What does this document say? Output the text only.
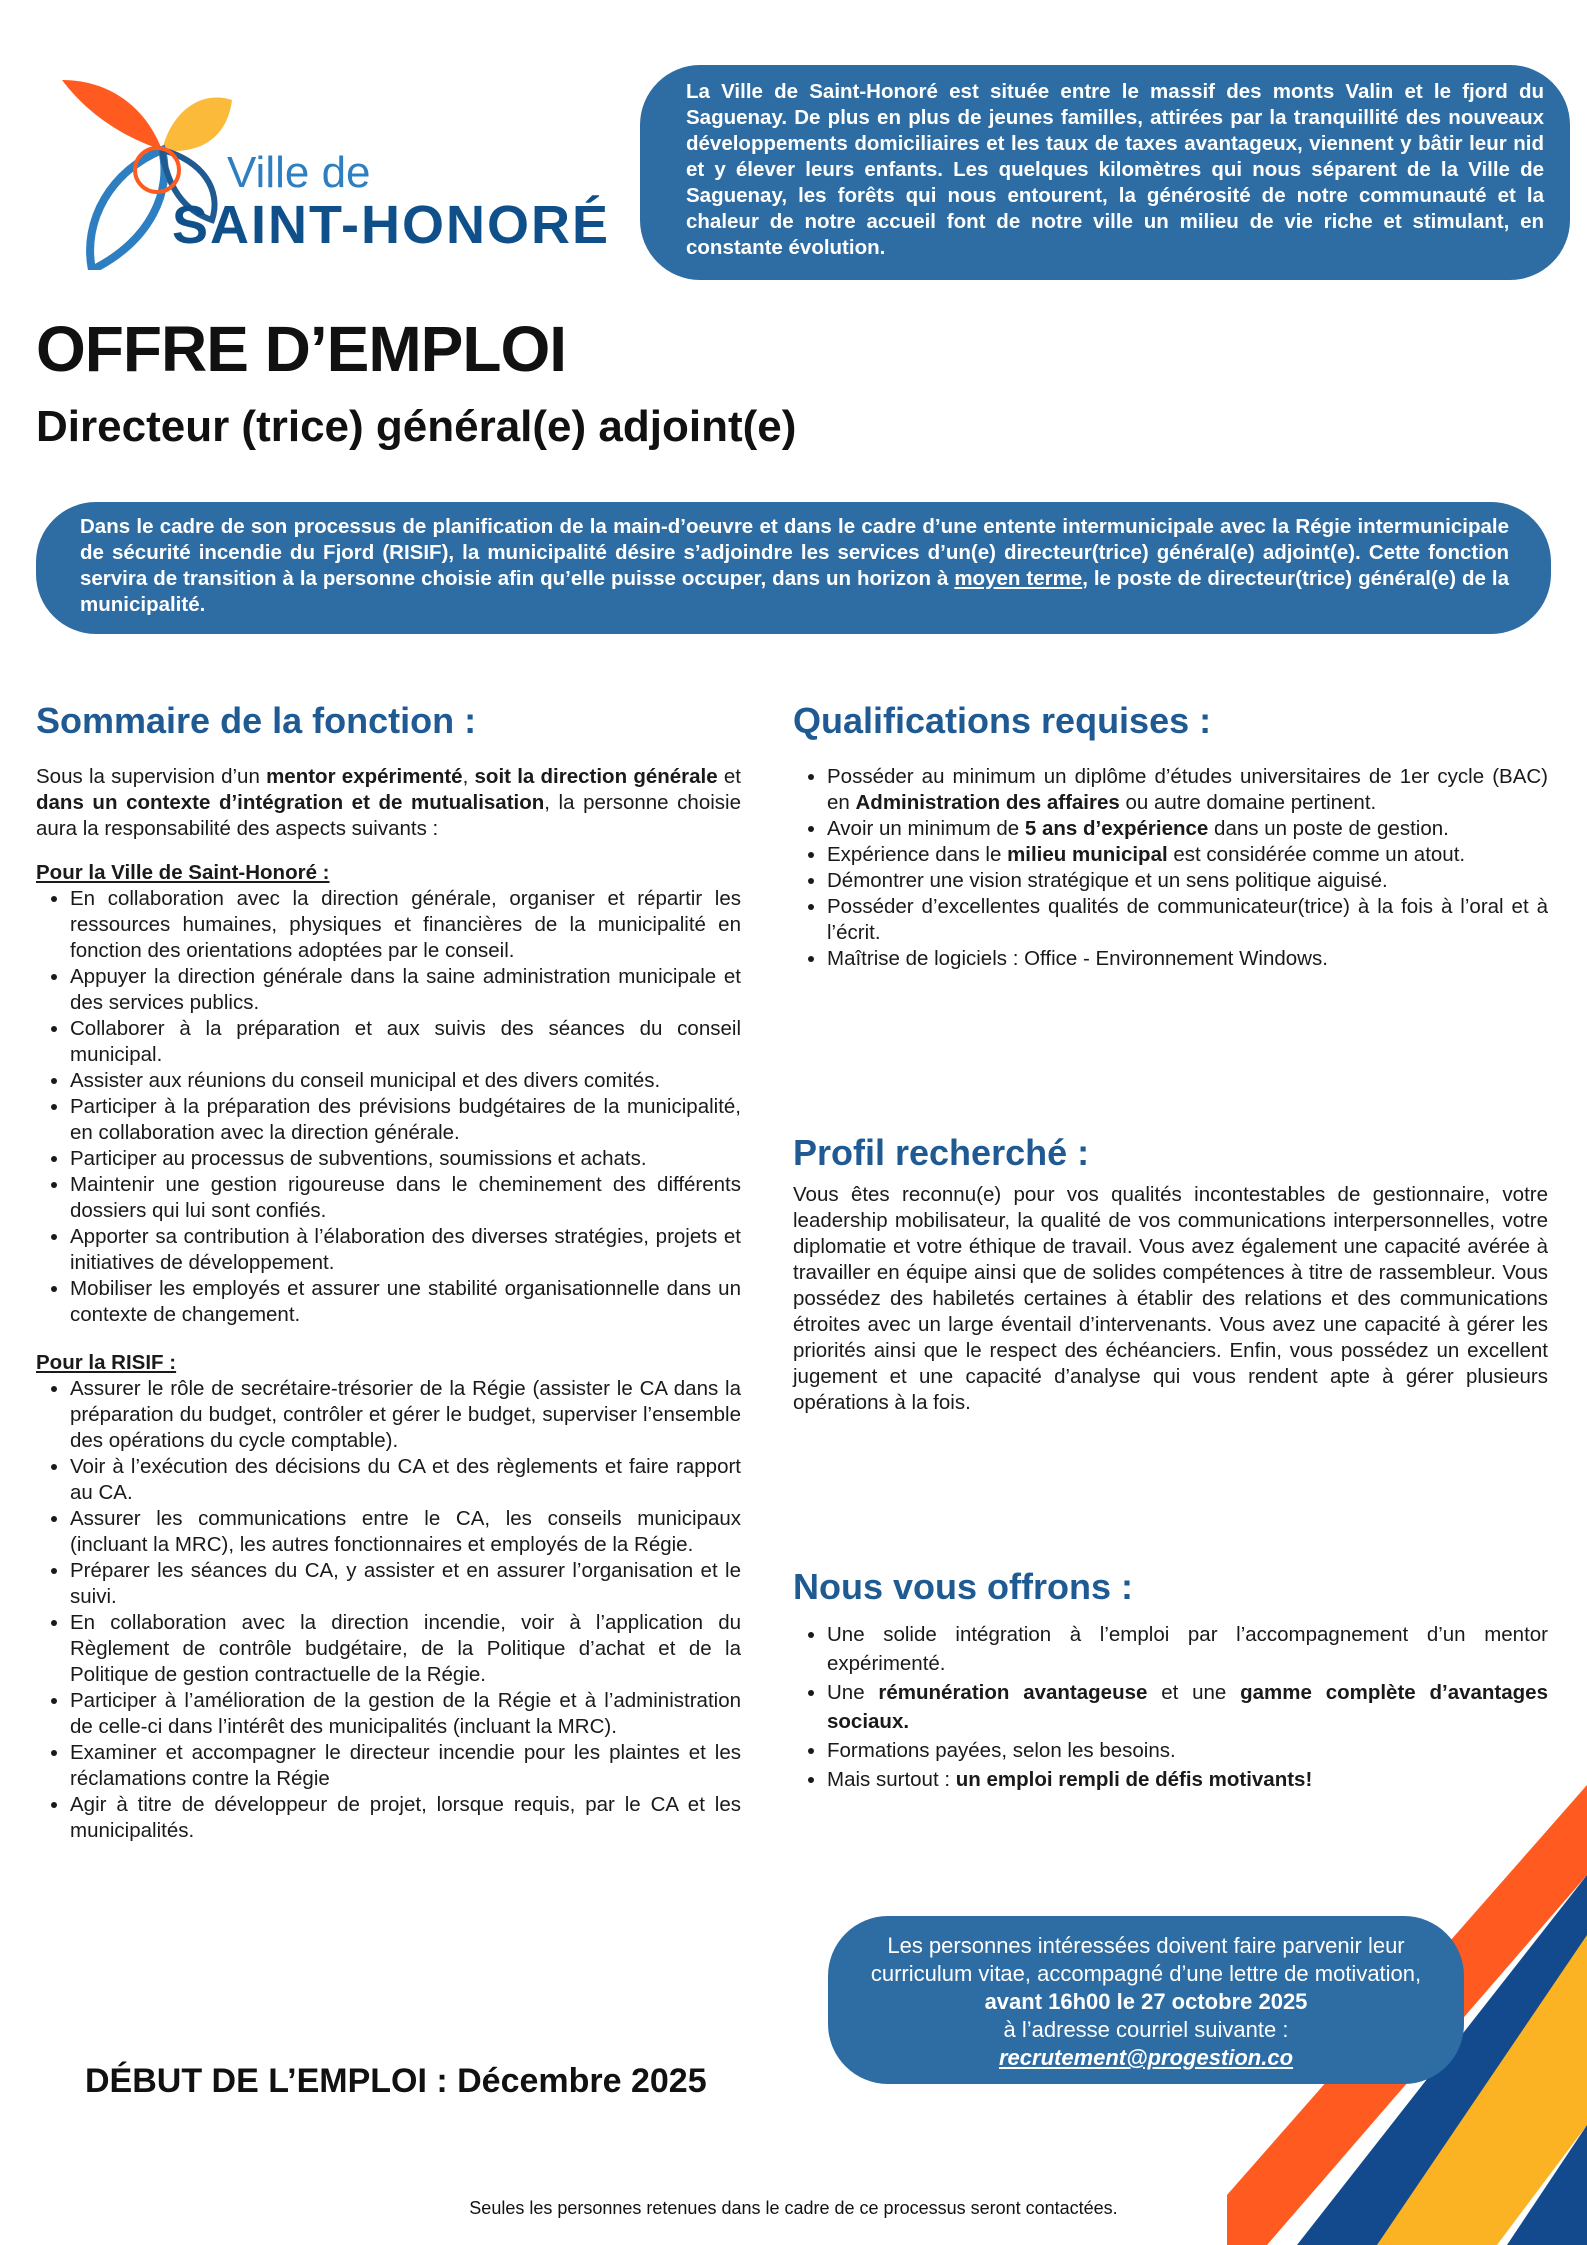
Ville de
SAINT-HONORÉ
La Ville de Saint-Honoré est située entre le massif des monts Valin et le fjord du Saguenay. De plus en plus de jeunes familles, attirées par la tranquillité des nouveaux développements domiciliaires et les taux de taxes avantageux, viennent y bâtir leur nid et y élever leurs enfants. Les quelques kilomètres qui nous séparent de la Ville de Saguenay, les forêts qui nous entourent, la générosité de notre communauté et la chaleur de notre accueil font de notre ville un milieu de vie riche et stimulant, en constante évolution.
OFFRE D’EMPLOI
Directeur (trice) général(e) adjoint(e)
Dans le cadre de son processus de planification de la main-d’oeuvre et dans le cadre d’une entente intermunicipale avec la Régie intermunicipale de sécurité incendie du Fjord (RISIF), la municipalité désire s’adjoindre les services d’un(e) directeur(trice) général(e) adjoint(e). Cette fonction servira de transition à la personne choisie afin qu’elle puisse occuper, dans un horizon à moyen terme, le poste de directeur(trice) général(e) de la municipalité.
Sommaire de la fonction :

Sous la supervision d’un mentor expérimenté, soit la direction générale et dans un contexte d’intégration et de mutualisation, la personne choisie aura la responsabilité des aspects suivants :

Pour la Ville de Saint-Honoré :

• En collaboration avec la direction générale, organiser et répartir les ressources humaines, physiques et financières de la municipalité en fonction des orientations adoptées par le conseil.
• Appuyer la direction générale dans la saine administration municipale et des services publics.
• Collaborer à la préparation et aux suivis des séances du conseil municipal.
• Assister aux réunions du conseil municipal et des divers comités.
• Participer à la préparation des prévisions budgétaires de la municipalité, en collaboration avec la direction générale.
• Participer au processus de subventions, soumissions et achats.
• Maintenir une gestion rigoureuse dans le cheminement des différents dossiers qui lui sont confiés.
• Apporter sa contribution à l’élaboration des diverses stratégies, projets et initiatives de développement.
• Mobiliser les employés et assurer une stabilité organisationnelle dans un contexte de changement.

Pour la RISIF :

• Assurer le rôle de secrétaire-trésorier de la Régie (assister le CA dans la préparation du budget, contrôler et gérer le budget, superviser l’ensemble des opérations du cycle comptable).
• Voir à l’exécution des décisions du CA et des règlements et faire rapport au CA.
• Assurer les communications entre le CA, les conseils municipaux (incluant la MRC), les autres fonctionnaires et employés de la Régie.
• Préparer les séances du CA, y assister et en assurer l’organisation et le suivi.
• En collaboration avec la direction incendie, voir à l’application du Règlement de contrôle budgétaire, de la Politique d’achat et de la Politique de gestion contractuelle de la Régie.
• Participer à l’amélioration de la gestion de la Régie et à l’administration de celle-ci dans l’intérêt des municipalités (incluant la MRC).
• Examiner et accompagner le directeur incendie pour les plaintes et les réclamations contre la Régie
• Agir à titre de développeur de projet, lorsque requis, par le CA et les municipalités.
Qualifications requises :
• Posséder au minimum un diplôme d’études universitaires de 1er cycle (BAC) en Administration des affaires ou autre domaine pertinent.
• Avoir un minimum de 5 ans d’expérience dans un poste de gestion.
• Expérience dans le milieu municipal est considérée comme un atout.
• Démontrer une vision stratégique et un sens politique aiguisé.
• Posséder d’excellentes qualités de communicateur(trice) à la fois à l’oral et à l’écrit.
• Maîtrise de logiciels : Office - Environnement Windows.
Profil recherché :

Vous êtes reconnu(e) pour vos qualités incontestables de gestionnaire, votre leadership mobilisateur, la qualité de vos communications interpersonnelles, votre diplomatie et votre éthique de travail. Vous avez également une capacité avérée à travailler en équipe ainsi que de solides compétences à titre de rassembleur. Vous possédez des habiletés certaines à établir des relations et des communications étroites avec un large éventail d’intervenants. Vous avez une capacité à gérer les priorités ainsi que le respect des échéanciers. Enfin, vous possédez un excellent jugement et une capacité d’analyse qui vous rendent apte à gérer plusieurs opérations à la fois.

Nous vous offrons :
• Une solide intégration à l’emploi par l’accompagnement d’un mentor expérimenté.
• Une rémunération avantageuse et une gamme complète d’avantages sociaux.
• Formations payées, selon les besoins.
• Mais surtout : un emploi rempli de défis motivants!
Les personnes intéressées doivent faire parvenir leur curriculum vitae, accompagné d’une lettre de motivation, avant 16h00 le 27 octobre 2025
à l’adresse courriel suivante :
recrutement@progestion.co
DÉBUT DE L’EMPLOI : Décembre 2025
Seules les personnes retenues dans le cadre de ce processus seront contactées.
